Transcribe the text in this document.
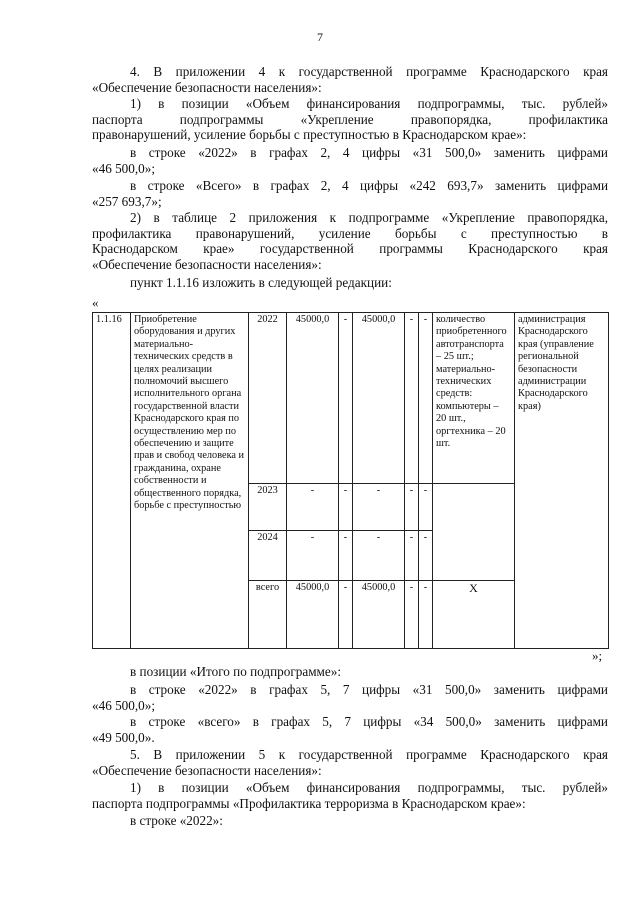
7
4. В приложении 4 к государственной программе Краснодарского края
«Обеспечение безопасности населения»:
1) в позиции «Объем финансирования подпрограммы, тыс. рублей»
паспорта подпрограммы «Укрепление правопорядка, профилактика
правонарушений, усиление борьбы с преступностью в Краснодарском крае»:
в строке «2022» в графах 2, 4 цифры «31 500,0» заменить цифрами
«46 500,0»;
в строке «Всего» в графах 2, 4 цифры «242 693,7» заменить цифрами
«257 693,7»;
2) в таблице 2 приложения к подпрограмме «Укрепление правопорядка,
профилактика правонарушений, усиление борьбы с преступностью в
Краснодарском крае» государственной программы Краснодарского края
«Обеспечение безопасности населения»:
пункт 1.1.16 изложить в следующей редакции:
«
1.1.16	Приобретение оборудования и других материально-технических средств в целях реализации полномочий высшего исполнительного органа государственной власти Краснодарского края по осуществлению мер по обеспечению и защите прав и свобод человека и гражданина, охране собственности и общественного порядка, борьбе с преступностью	2022	45000,0	-	45000,0	-	-	количество приобретенного автотранспорта – 25 шт.; материально-технических средств: компьютеры – 20 шт., оргтехника – 20 шт.	администрация Краснодарского края (управление региональной безопасности администрации Краснодарского края)
		2023	-	-	-	-	-		
		2024	-	-	-	-	-		
		всего	45000,0	-	45000,0	-	-	X	
»;
в позиции «Итого по подпрограмме»:
в строке «2022» в графах 5, 7 цифры «31 500,0» заменить цифрами
«46 500,0»;
в строке «всего» в графах 5, 7 цифры «34 500,0» заменить цифрами
«49 500,0».
5. В приложении 5 к государственной программе Краснодарского края
«Обеспечение безопасности населения»:
1) в позиции «Объем финансирования подпрограммы, тыс. рублей»
паспорта подпрограммы «Профилактика терроризма в Краснодарском крае»:
в строке «2022»:
